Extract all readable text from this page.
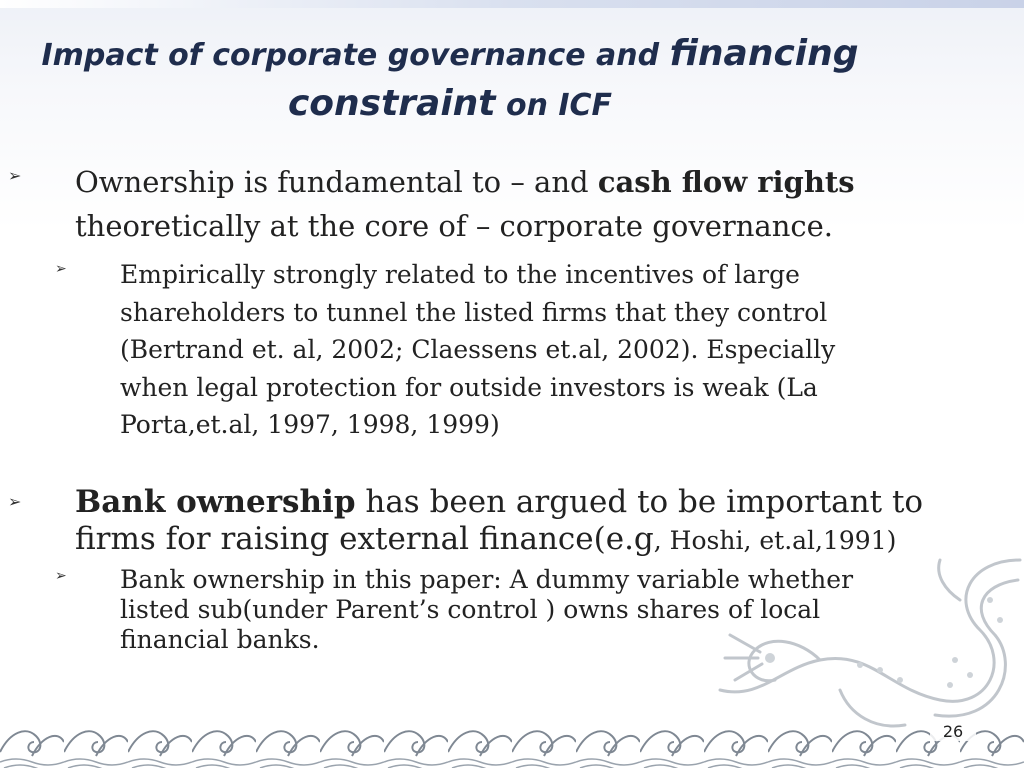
Impact of corporate governance and financing
constraint on ICF
➢ Ownership is fundamental to – and cash flow rights theoretically at the core of – corporate governance.
➢ Empirically strongly related to the incentives of large shareholders to tunnel the listed firms that they control (Bertrand et. al, 2002; Claessens et.al, 2002). Especially when legal protection for outside investors is weak (La Porta,et.al, 1997, 1998, 1999)
➢ Bank ownership has been argued to be important to firms for raising external finance(e.g, Hoshi, et.al,1991)
➢ Bank ownership in this paper: A dummy variable whether listed sub(under Parent’s control ) owns shares of local financial banks.
26
